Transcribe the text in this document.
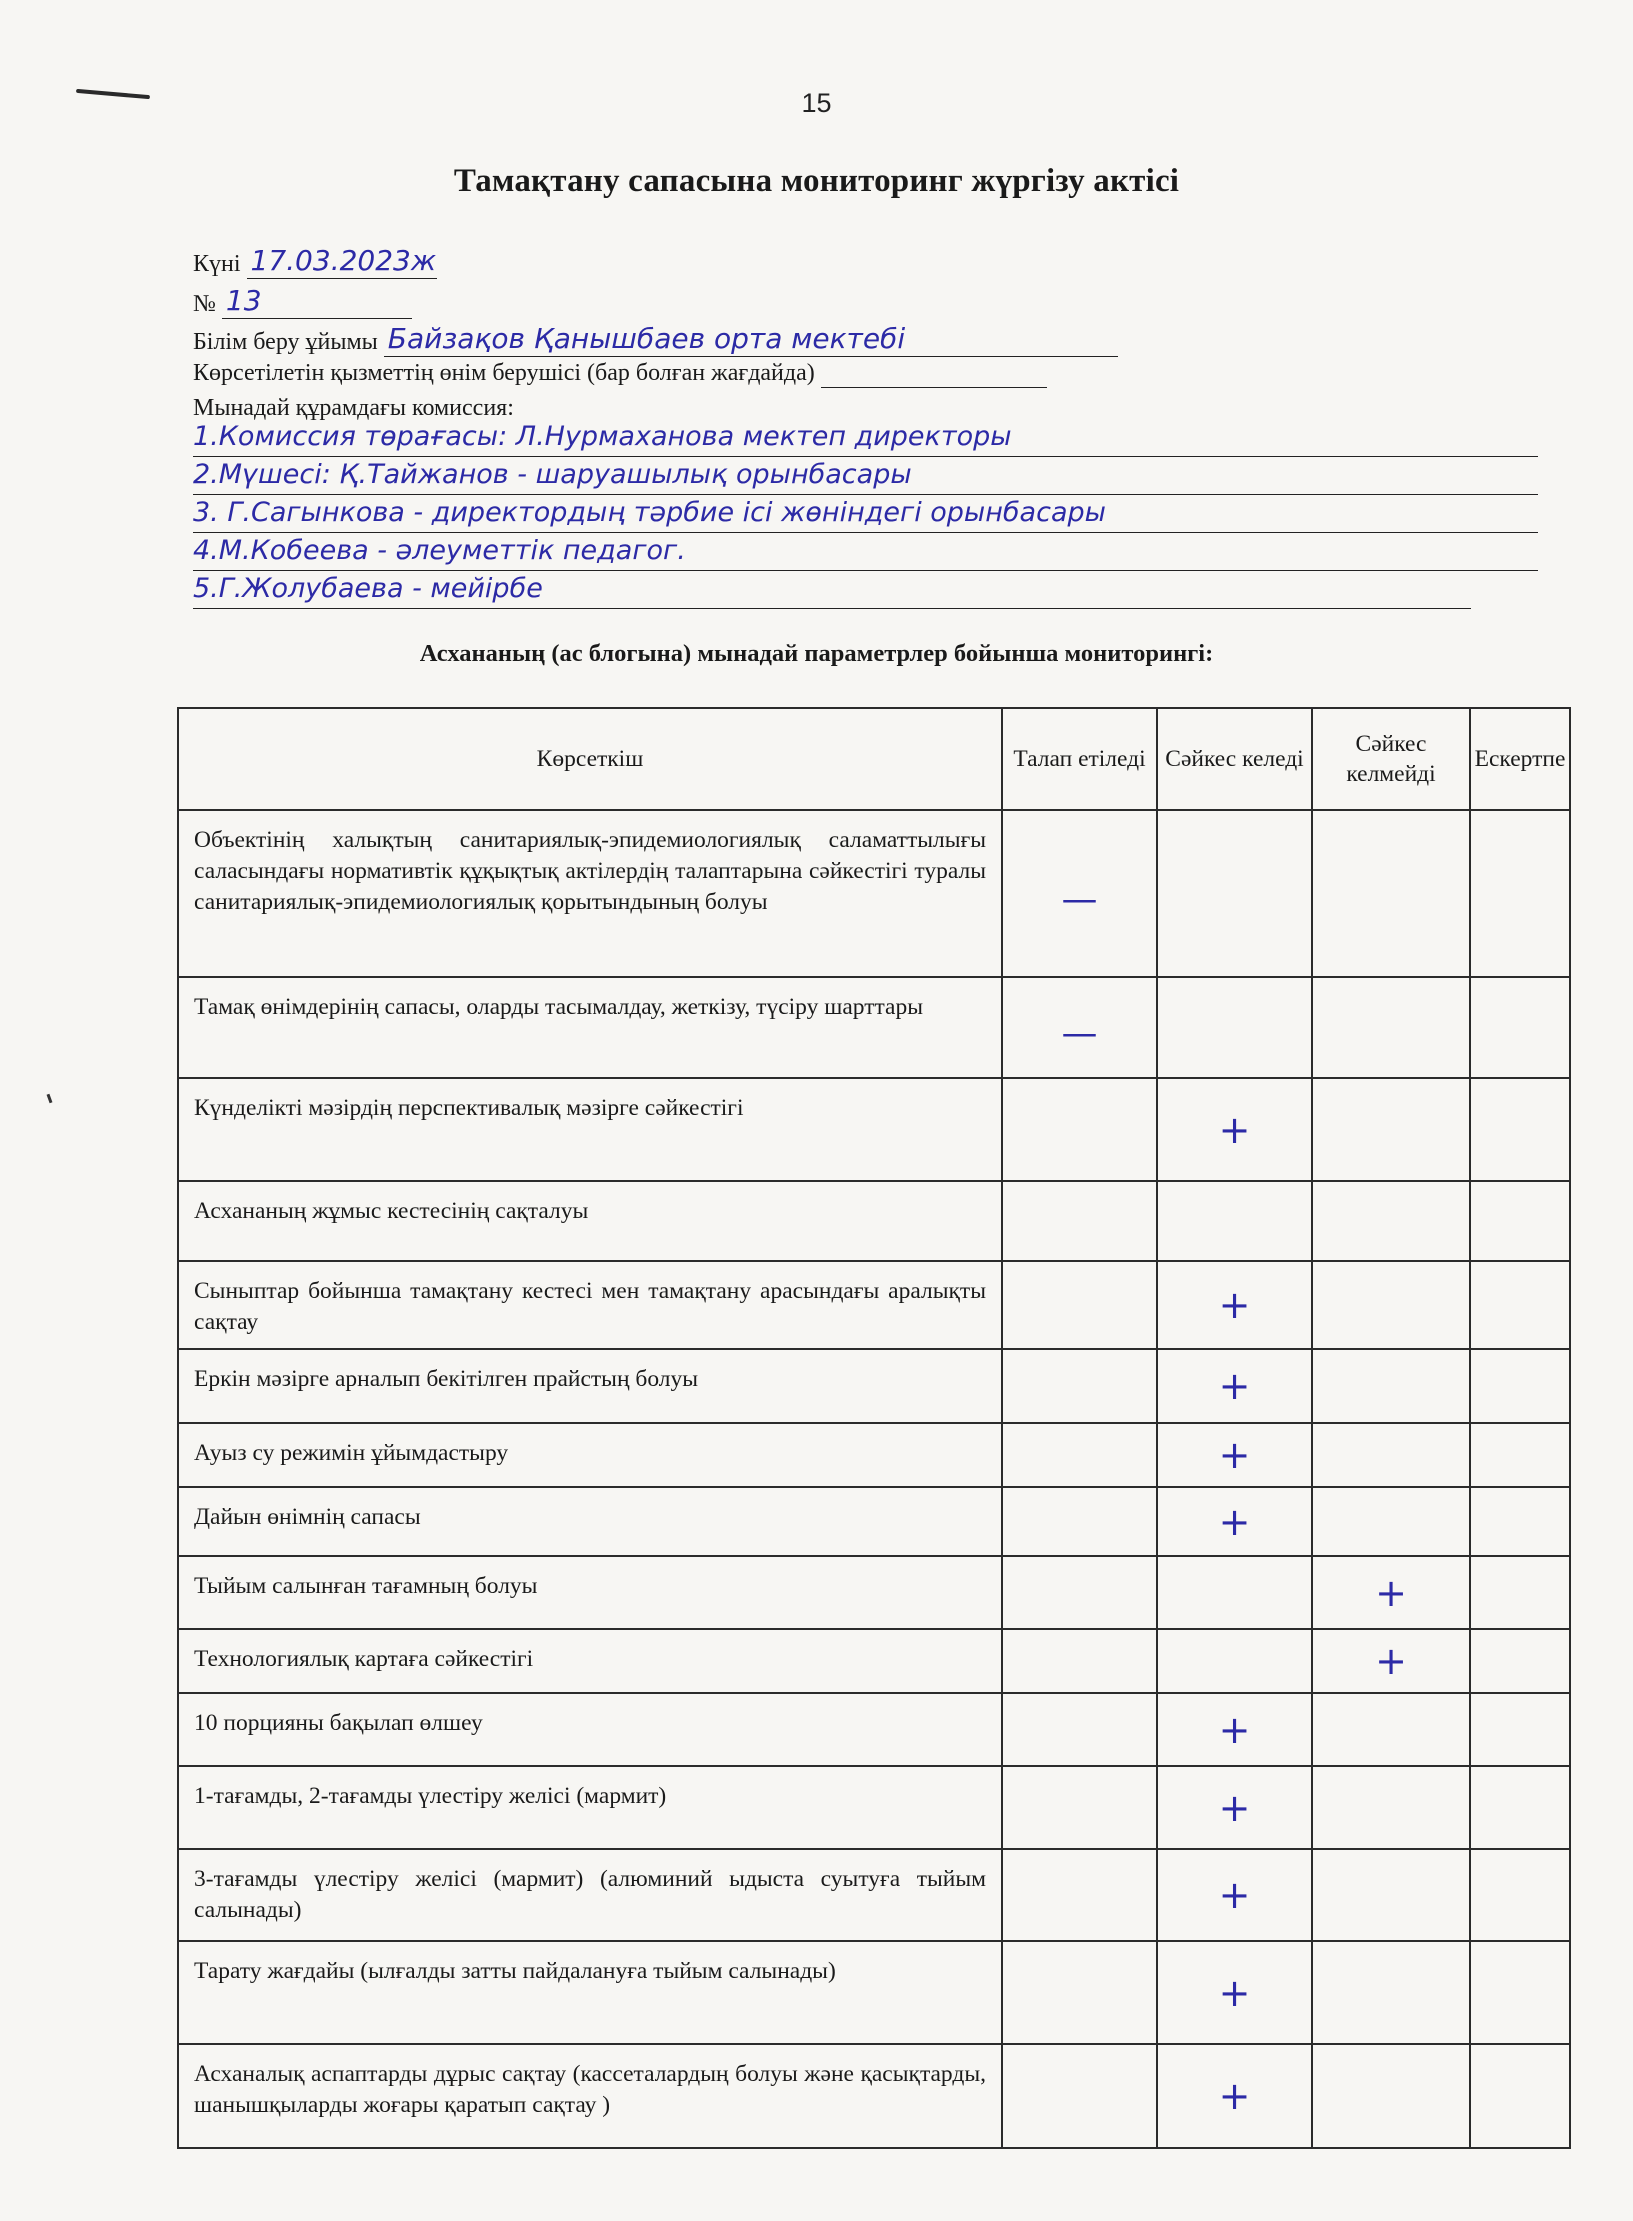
15
Тамақтану сапасына мониторинг жүргізу актісі
Күні 17.03.2023ж
№ 13
Білім беру ұйымы Байзақов Қанышбаев орта мектебі
Көрсетілетін қызметтің өнім берушісі (бар болған жағдайда)
Мынадай құрамдағы комиссия:
1.Комиссия төрағасы: Л.Нурмаханова мектеп директоры
2.Мүшесі: Қ.Тайжанов - шаруашылық орынбасары
3. Г.Сагынкова - директордың тәрбие ісі жөніндегі орынбасары
4.М.Кобеева - әлеуметтік педагог.
5.Г.Жолубаева - мейірбе
Асхананың (ас блогына) мынадай параметрлер бойынша мониторингі:
Көрсеткіш	Талап етіледі	Сәйкес келеді	Сәйкес келмейді	Ескертпе
Объектінің халықтың санитариялық-эпидемиологиялық саламаттылығы саласындағы нормативтік құқықтық актілердің талаптарына сәйкестігі туралы санитариялық-эпидемиологиялық қорытындының болуы	—			
Тамақ өнімдерінің сапасы, оларды тасымалдау, жеткізу, түсіру шарттары	—			
Күнделікті мәзірдің перспективалық мәзірге сәйкестігі		+		
Асхананың жұмыс кестесінің сақталуы				
Сыныптар бойынша тамақтану кестесі мен тамақтану арасындағы аралықты сақтау		+		
Еркін мәзірге арналып бекітілген прайстың болуы		+		
Ауыз су режимін ұйымдастыру		+		
Дайын өнімнің сапасы		+		
Тыйым салынған тағамның болуы			+	
Технологиялық картаға сәйкестігі			+	
10 порцияны бақылап өлшеу		+		
1-тағамды, 2-тағамды үлестіру желісі (мармит)		+		
3-тағамды үлестіру желісі (мармит) (алюминий ыдыста суытуға тыйым салынады)		+		
Тарату жағдайы (ылғалды затты пайдалануға тыйым салынады)		+		
Асханалық аспаптарды дұрыс сақтау (кассеталардың болуы және қасықтарды, шанышқыларды жоғары қаратып сақтау )		+		
